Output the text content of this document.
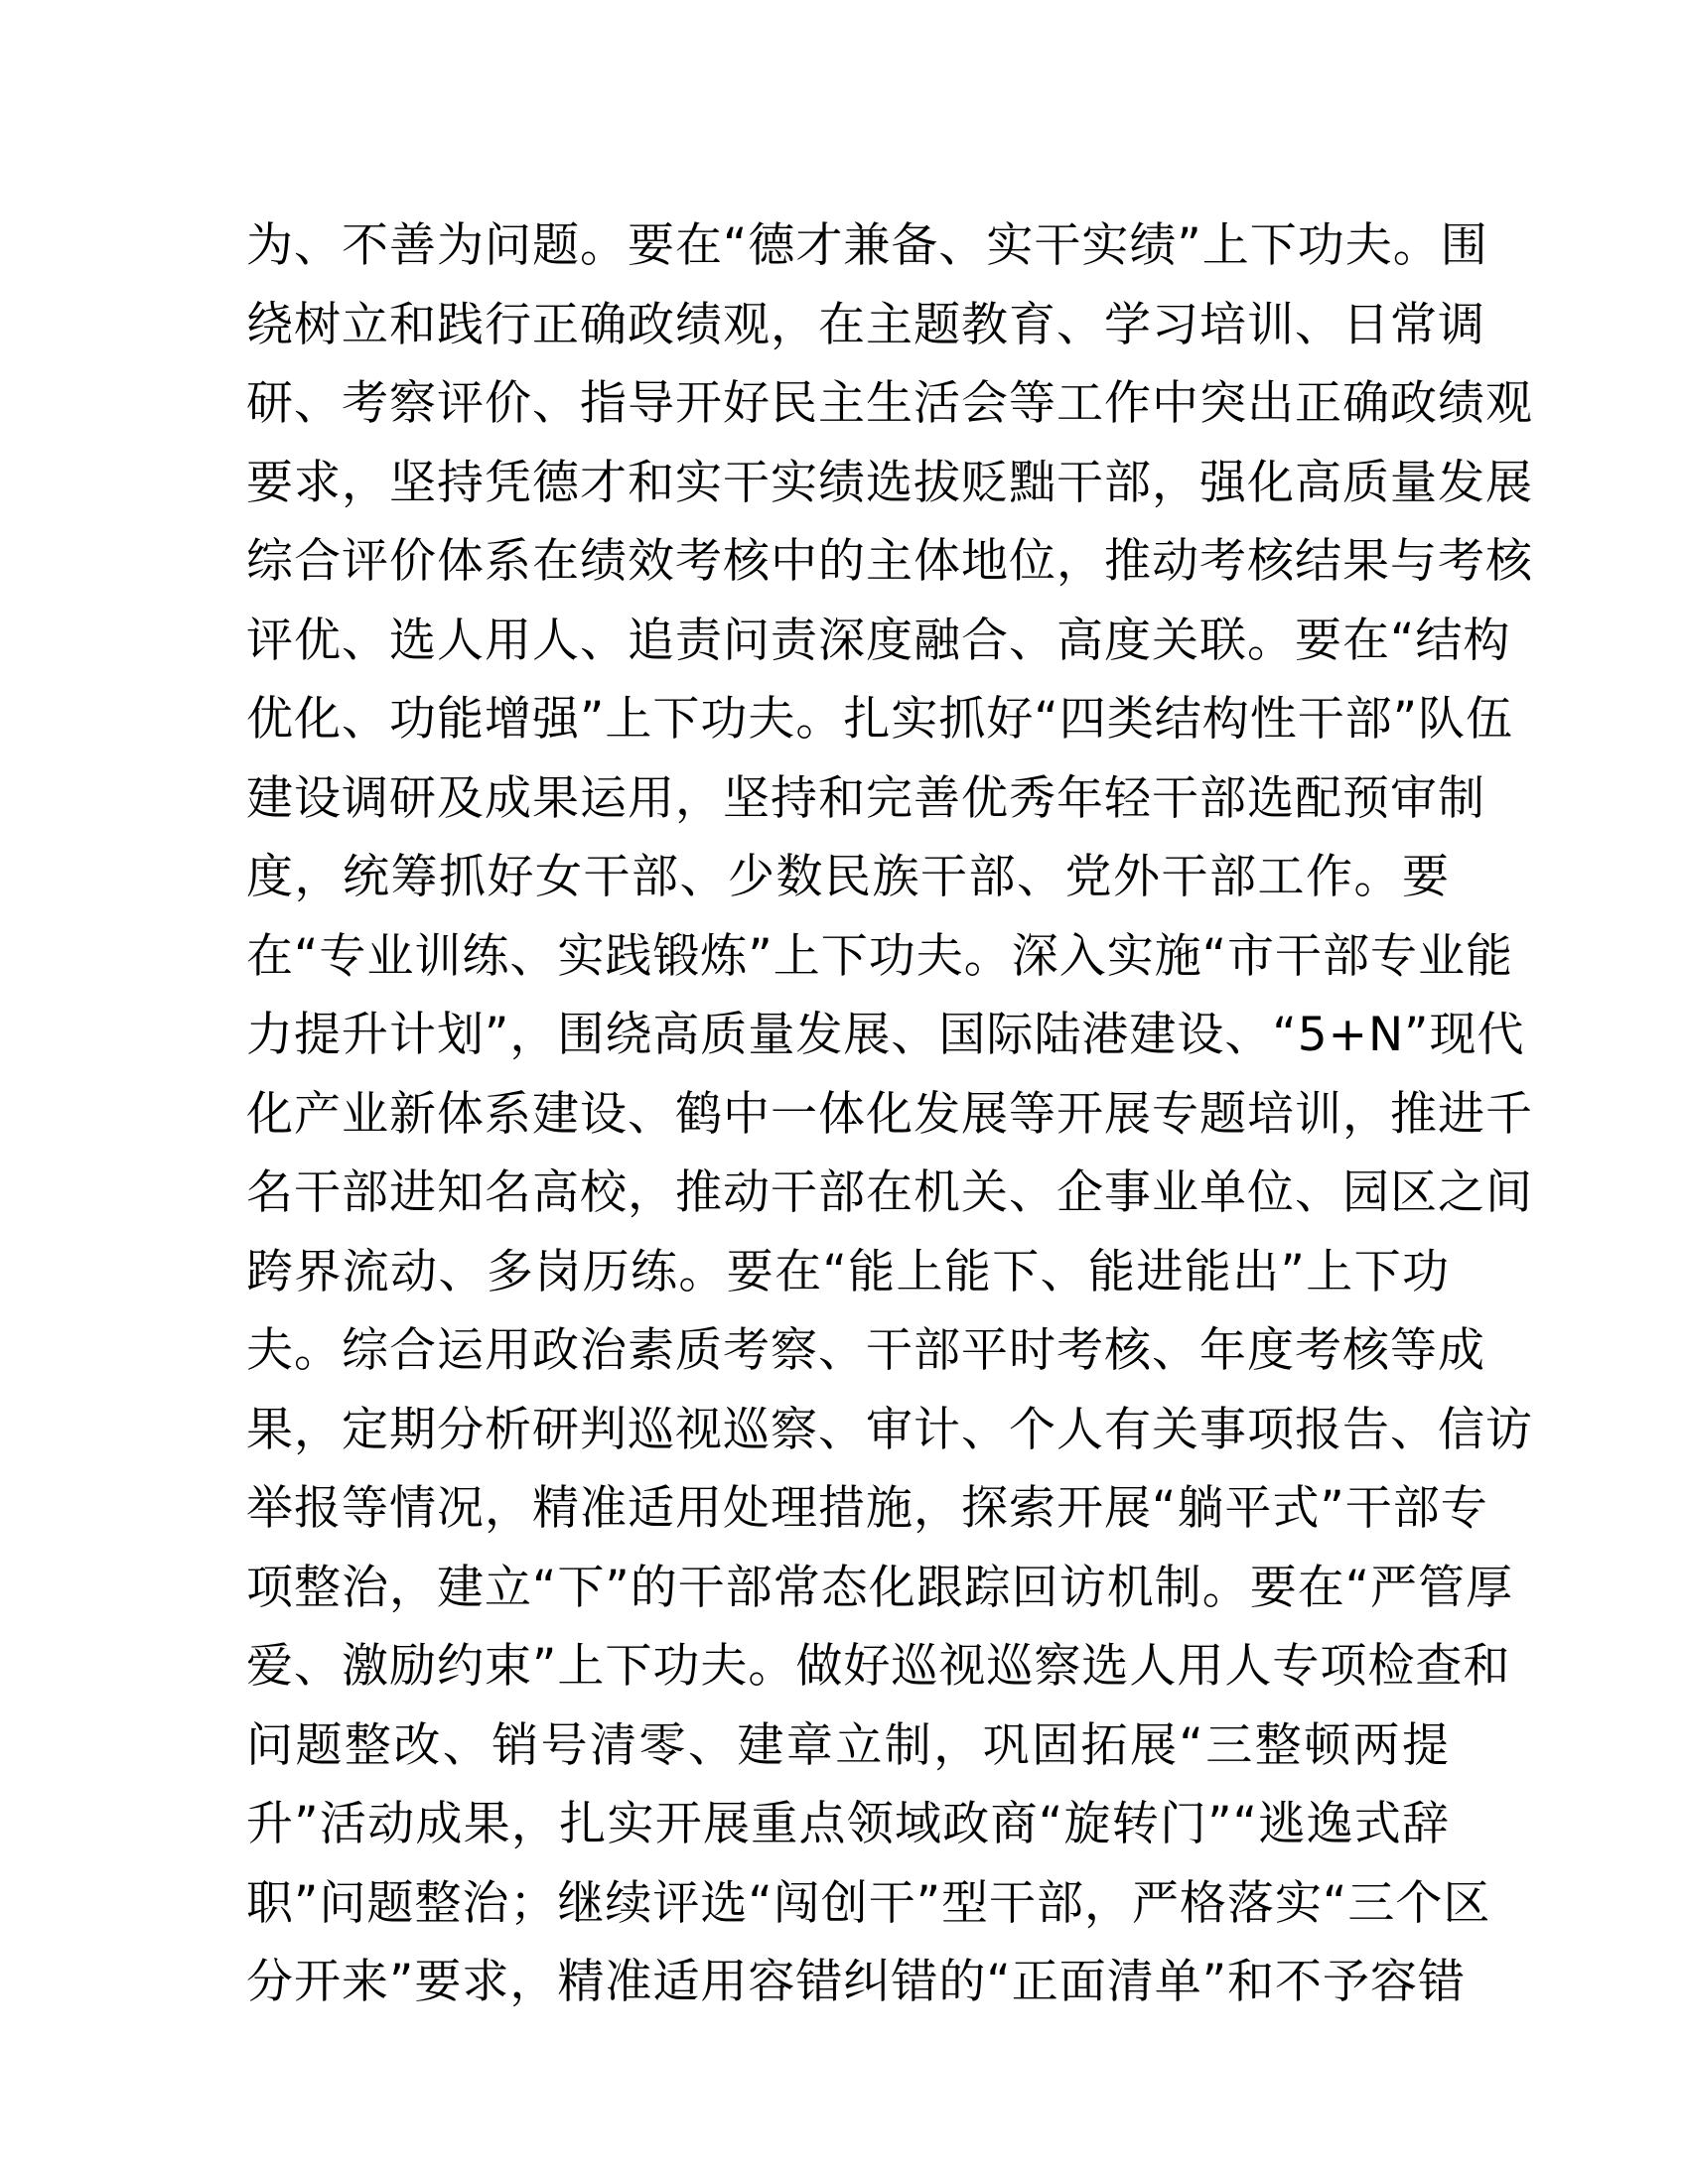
为、不善为问题。要在“德才兼备、实干实绩”上下功夫。围
绕树立和践行正确政绩观，在主题教育、学习培训、日常调
研、考察评价、指导开好民主生活会等工作中突出正确政绩观
要求，坚持凭德才和实干实绩选拔贬黜干部，强化高质量发展
综合评价体系在绩效考核中的主体地位，推动考核结果与考核
评优、选人用人、追责问责深度融合、高度关联。要在“结构
优化、功能增强”上下功夫。扎实抓好“四类结构性干部”队伍
建设调研及成果运用，坚持和完善优秀年轻干部选配预审制
度，统筹抓好女干部、少数民族干部、党外干部工作。要
在“专业训练、实践锻炼”上下功夫。深入实施“市干部专业能
力提升计划”，围绕高质量发展、国际陆港建设、“5+N”现代
化产业新体系建设、鹤中一体化发展等开展专题培训，推进千
名干部进知名高校，推动干部在机关、企事业单位、园区之间
跨界流动、多岗历练。要在“能上能下、能进能出”上下功
夫。综合运用政治素质考察、干部平时考核、年度考核等成
果，定期分析研判巡视巡察、审计、个人有关事项报告、信访
举报等情况，精准适用处理措施，探索开展“躺平式”干部专
项整治，建立“下”的干部常态化跟踪回访机制。要在“严管厚
爱、激励约束”上下功夫。做好巡视巡察选人用人专项检查和
问题整改、销号清零、建章立制，巩固拓展“三整顿两提
升”活动成果，扎实开展重点领域政商“旋转门”“逃逸式辞
职”问题整治；继续评选“闯创干”型干部，严格落实“三个区
分开来”要求，精准适用容错纠错的“正面清单”和不予容错
